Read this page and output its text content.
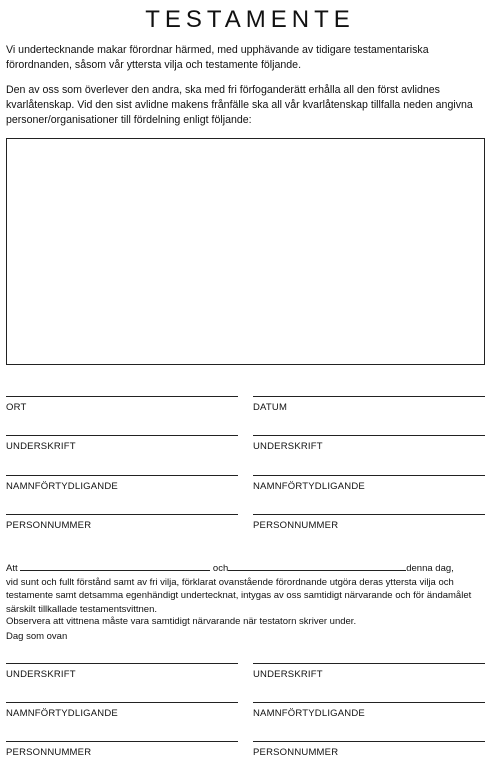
TESTAMENTE

Vi undertecknande makar förordnar härmed, med upphävande av tidigare testamentariska förordnanden, såsom vår yttersta vilja och testamente följande.

Den av oss som överlever den andra, ska med fri förfoganderätt erhålla all den först avlidnes kvarlåtenskap. Vid den sist avlidne makens frånfälle ska all vår kvarlåtenskap tillfalla neden angivna personer/organisationer till fördelning enligt följande:

ORT	DATUM
UNDERSKRIFT	UNDERSKRIFT
NAMNFÖRTYDLIGANDE	NAMNFÖRTYDLIGANDE
PERSONNUMMER	PERSONNUMMER
Att	och	denna dag,
vid sunt och fullt förstånd samt av fri vilja, förklarat ovanstående förordnande utgöra deras yttersta vilja och testamente samt detsamma egenhändigt undertecknat, intygas av oss samtidigt närvarande och för ändamålet särskilt tillkallade testamentsvittnen.
Observera att vittnena måste vara samtidigt närvarande när testatorn skriver under.
Dag som ovan
UNDERSKRIFT	UNDERSKRIFT
NAMNFÖRTYDLIGANDE	NAMNFÖRTYDLIGANDE
PERSONNUMMER	PERSONNUMMER
